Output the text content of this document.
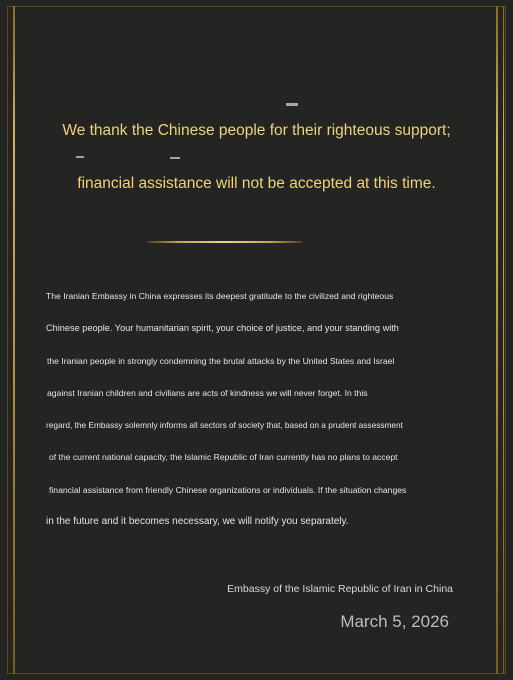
We thank the Chinese people for their righteous support;
financial assistance will not be accepted at this time.
The Iranian Embassy in China expresses its deepest gratitude to the civilized and righteous
Chinese people. Your humanitarian spirit, your choice of justice, and your standing with
the Iranian people in strongly condemning the brutal attacks by the United States and Israel
against Iranian children and civilians are acts of kindness we will never forget. In this
regard, the Embassy solemnly informs all sectors of society that, based on a prudent assessment
of the current national capacity, the Islamic Republic of Iran currently has no plans to accept
financial assistance from friendly Chinese organizations or individuals. If the situation changes
in the future and it becomes necessary, we will notify you separately.
Embassy of the Islamic Republic of Iran in China
March 5, 2026
